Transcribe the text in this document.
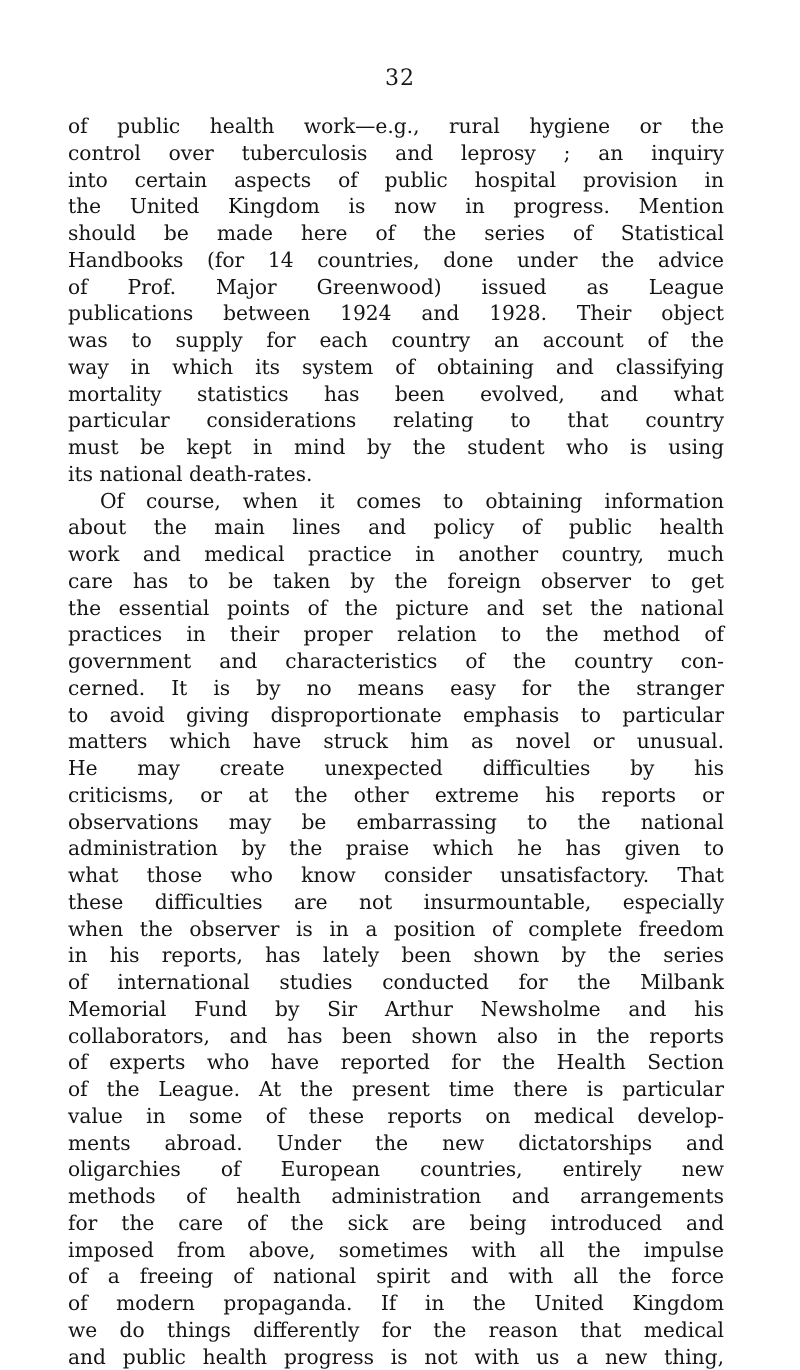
32
of public health work—e.g., rural hygiene or the
control over tuberculosis and leprosy ; an inquiry
into certain aspects of public hospital provision in
the United Kingdom is now in progress. Mention
should be made here of the series of Statistical
Handbooks (for 14 countries, done under the advice
of Prof. Major Greenwood) issued as League
publications between 1924 and 1928. Their object
was to supply for each country an account of the
way in which its system of obtaining and classifying
mortality statistics has been evolved, and what
particular considerations relating to that country
must be kept in mind by the student who is using
its national death-rates.
Of course, when it comes to obtaining information
about the main lines and policy of public health
work and medical practice in another country, much
care has to be taken by the foreign observer to get
the essential points of the picture and set the national
practices in their proper relation to the method of
government and characteristics of the country con-
cerned. It is by no means easy for the stranger
to avoid giving disproportionate emphasis to particular
matters which have struck him as novel or unusual.
He may create unexpected difficulties by his
criticisms, or at the other extreme his reports or
observations may be embarrassing to the national
administration by the praise which he has given to
what those who know consider unsatisfactory. That
these difficulties are not insurmountable, especially
when the observer is in a position of complete freedom
in his reports, has lately been shown by the series
of international studies conducted for the Milbank
Memorial Fund by Sir Arthur Newsholme and his
collaborators, and has been shown also in the reports
of experts who have reported for the Health Section
of the League. At the present time there is particular
value in some of these reports on medical develop-
ments abroad. Under the new dictatorships and
oligarchies of European countries, entirely new
methods of health administration and arrangements
for the care of the sick are being introduced and
imposed from above, sometimes with all the impulse
of a freeing of national spirit and with all the force
of modern propaganda. If in the United Kingdom
we do things differently for the reason that medical
and public health progress is not with us a new thing,
